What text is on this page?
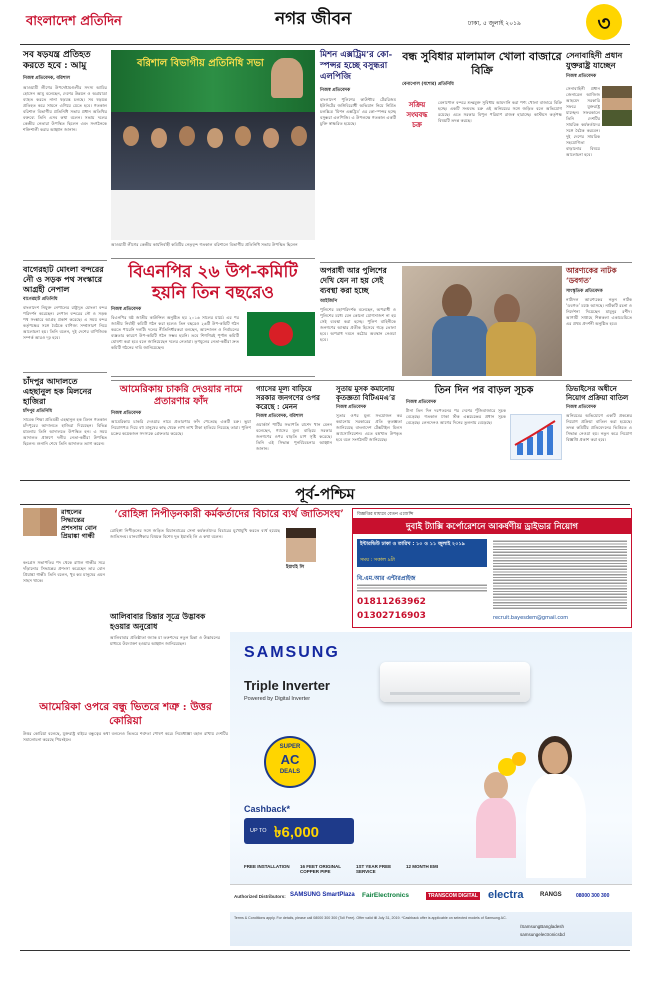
বাংলাদেশ প্রতিদিন	নগর জীবন	ঢাকা, ৫ জুলাই ২০১৯	৩
সব ষড়যন্ত্র প্রতিহত করতে হবে : আমু
নিজস্ব প্রতিবেদক, বরিশাল
আওয়ামী লীগের উপদেষ্টামণ্ডলীর সদস্য আমির হোসেন আমু বলেছেন, দেশের উন্নয়ন ও অগ্রযাত্রা ব্যাহত করতে নানা ষড়যন্ত্র চলছে। সব ষড়যন্ত্র প্রতিহত করে সামনে এগিয়ে যেতে হবে। গতকাল বরিশাল বিভাগীয় প্রতিনিধি সভায় প্রধান অতিথির বক্তব্যে তিনি এসব কথা বলেন। সভায় দলের কেন্দ্রীয় নেতারা উপস্থিত ছিলেন এবং সংগঠনকে শক্তিশালী করার আহ্বান জানান।
বরিশাল বিভাগীয় প্রতিনিধি সভা
আওয়ামী লীগের কেন্দ্রীয় কার্যনির্বাহী কমিটির নেতৃবৃন্দ গতকাল বরিশালে বিভাগীয় প্রতিনিধি সভায় উপস্থিত ছিলেন
মিশন এক্সট্রিম’র কো-স্পন্সর হচ্ছে বসুন্ধরা এলপিজি
নিজস্ব প্রতিবেদক
বাংলাদেশ পুলিশের কাউন্টার টেররিজম ইউনিটের জঙ্গিবিরোধী অভিযান নিয়ে নির্মিত চলচ্চিত্র ‘মিশন এক্সট্রিম’ এর কো-স্পন্সর হচ্ছে বসুন্ধরা এলপিজি। এ উপলক্ষে গতকাল একটি চুক্তি স্বাক্ষরিত হয়েছে।
বন্ধ সুবিধার মালামাল খোলা বাজারে বিক্রি
বেনাপোল (যশোর) প্রতিনিধি
সক্রিয় সংঘবদ্ধ চক্র
বেনাপোল বন্দরে শুল্কমুক্ত সুবিধায় আমদানি করা পণ্য খোলা বাজারে বিক্রি হচ্ছে। একটি সংঘবদ্ধ চক্র এই অনিয়মের সঙ্গে জড়িত বলে অভিযোগ রয়েছে। এতে সরকার বিপুল পরিমাণ রাজস্ব হারাচ্ছে। কাস্টমস কর্তৃপক্ষ বিষয়টি তদন্ত করছে।
সেনাবাহিনী প্রধান যুক্তরাষ্ট্র যাচ্ছেন
নিজস্ব প্রতিবেদক
সেনাবাহিনী প্রধান জেনারেল আজিজ আহমেদ সরকারি সফরে যুক্তরাষ্ট্র যাচ্ছেন। সফরকালে তিনি দেশটির সামরিক কর্মকর্তাদের সঙ্গে বৈঠক করবেন। দুই দেশের সামরিক সহযোগিতা বাড়ানোর বিষয়ে আলোচনা হবে।
বাগেরহাট মোংলা বন্দরের নৌ ও সড়ক পথ সংস্কারে আগ্রহী নেপাল
বাগেরহাট প্রতিনিধি
বাংলাদেশ নিযুক্ত নেপালের রাষ্ট্রদূত মোংলা বন্দর পরিদর্শন করেছেন। নেপাল বন্দরের নৌ ও সড়ক পথ সংস্কারে আগ্রহ প্রকাশ করেছে। এ সময় বন্দর কর্তৃপক্ষের সঙ্গে বৈঠকে বাণিজ্য সম্প্রসারণ নিয়ে আলোচনা হয়। তিনি বলেন, দুই দেশের বাণিজ্যিক সম্পর্ক আরও দৃঢ় হবে।
চাঁদপুর আদালতে এহছানুল হক মিলনের হাজিরা
চাঁদপুর প্রতিনিধি
সাবেক শিক্ষা প্রতিমন্ত্রী এহছানুল হক মিলন গতকাল চাঁদপুরের আদালতে হাজিরা দিয়েছেন। বিভিন্ন মামলায় তিনি আদালতে উপস্থিত হন। এ সময় আদালত প্রাঙ্গণে দলীয় নেতা-কর্মীরা উপস্থিত ছিলেন। শুনানি শেষে তিনি আদালত ত্যাগ করেন।
বিএনপির ২৬ উপ-কমিটি হয়নি তিন বছরেও
নিজস্ব প্রতিবেদক
বিএনপির ষষ্ঠ জাতীয় কাউন্সিল অনুষ্ঠিত হয় ২০১৬ সালের মার্চে। এর পর জাতীয় নির্বাহী কমিটি গঠন করা হলেও তিন বছরেও ২৬টি উপ-কমিটি গঠন করতে পারেনি দলটি। দলের নীতিনির্ধারকরা বলছেন, আন্দোলন ও নির্বাচনের ব্যস্ততার কারণে উপ-কমিটি গঠন সম্ভব হয়নি। তবে শিগগিরই পূর্ণাঙ্গ কমিটি ঘোষণা করা হবে বলে জানিয়েছেন দলের নেতারা। তৃণমূলের নেতা-কর্মীরা দ্রুত কমিটি গঠনের দাবি জানিয়েছেন।
অপরাধী আর পুলিশের দেখি যেন না হয় সেই ব্যবস্থা করা হচ্ছে
আইজিপি
পুলিশের মহাপরিদর্শক বলেছেন, অপরাধী ও পুলিশের মধ্যে যেন কোনো যোগসাজশ না হয় সেই ব্যবস্থা করা হচ্ছে। পুলিশ বাহিনীকে জনগণের আস্থার প্রতীক হিসেবে গড়ে তোলা হবে। অপরাধ দমনে কঠোর অবস্থান নেওয়া হবে।
আরণ্যকের নাটক ‘ডবগত’
সাংস্কৃতিক প্রতিবেদক
নাট্যদল আরণ্যকের নতুন নাটক ‘ডবগত’ মঞ্চে আসছে। নাটকটি রচনা ও নির্দেশনা দিয়েছেন মামুনুর রশীদ। আগামী সপ্তাহে শিল্পকলা একাডেমিতে এর প্রথম প্রদর্শনী অনুষ্ঠিত হবে।
আমেরিকায় চাকরি দেওয়ার নামে প্রতারণার ফাঁদ
নিজস্ব প্রতিবেদক
আমেরিকায় চাকরি দেওয়ার নামে প্রতারণার ফাঁদ পেতেছে একটি চক্র। ভুয়া নিয়োগপত্র দিয়ে বহু মানুষের কাছ থেকে লাখ লাখ টাকা হাতিয়ে নিয়েছে তারা। পুলিশ চক্রের কয়েকজন সদস্যকে গ্রেফতার করেছে।
গ্যাসের মূল্য বাড়িয়ে সরকার জনগণের ওপর করেছে : মেনন
নিজস্ব প্রতিবেদক, বরিশাল
ওয়ার্কার্স পার্টির সভাপতি রাশেদ খান মেনন বলেছেন, গ্যাসের মূল্য বাড়িয়ে সরকার জনগণের ওপর বাড়তি চাপ সৃষ্টি করেছে। তিনি এই সিদ্ধান্ত পুনর্বিবেচনার আহ্বান জানান।
সুতায় মুসক কমানোয় কৃতজ্ঞতা বিটিএমএ’র
নিজস্ব প্রতিবেদক
সুতার ওপর মূল্য সংযোজন কর কমানোয় সরকারের প্রতি কৃতজ্ঞতা জানিয়েছে বাংলাদেশ টেক্সটাইল মিলস অ্যাসোসিয়েশন। এতে বস্ত্রখাত উপকৃত হবে বলে সংগঠনটি জানিয়েছে।
তিন দিন পর বাড়ল সূচক
নিজস্ব প্রতিবেদক
টানা তিন দিন দরপতনের পর দেশের পুঁজিবাজারে সূচক বেড়েছে। গতকাল ঢাকা স্টক এক্সচেঞ্জের প্রধান সূচক বেড়েছে। লেনদেনও আগের দিনের তুলনায় বেড়েছে।
ডিভাইসের অধীনে নিয়োগ প্রক্রিয়া বাতিল
নিজস্ব প্রতিবেদক
অনিয়মের অভিযোগে একটি প্রকল্পের নিয়োগ প্রক্রিয়া বাতিল করা হয়েছে। তদন্ত কমিটির প্রতিবেদনের ভিত্তিতে এ সিদ্ধান্ত নেওয়া হয়। নতুন করে নিয়োগ বিজ্ঞপ্তি প্রকাশ করা হবে।
পূর্ব-পশ্চিম
রাহুলের সিদ্ধান্তের প্রশংসায় বোন প্রিয়াঙ্কা গান্ধী
কংগ্রেস সভাপতির পদ থেকে রাহুল গান্ধীর সরে দাঁড়ানোর সিদ্ধান্তের প্রশংসা করেছেন তার বোন প্রিয়াঙ্কা গান্ধী। তিনি বলেন, খুব কম মানুষের এমন সাহস থাকে।
‘রোহিঙ্গা নিপীড়নকারী কর্মকর্তাদের বিচারে ব্যর্থ জাতিসংঘ’
রোহিঙ্গা নিপীড়নের সঙ্গে জড়িত মিয়ানমারের সেনা কর্মকর্তাদের বিচারের মুখোমুখি করতে ব্যর্থ হয়েছে জাতিসংঘ। মানবাধিকার বিষয়ক বিশেষ দূত ইয়াংহি লি এ কথা বলেন।
ইয়াংহি লি
আলিবাবার চিন্তার সূত্রে উদ্ভাবক হওয়ার অনুরোধ
আলিবাবার প্রতিষ্ঠাতা জ্যাক মা তরুণদের নতুন চিন্তা ও উদ্ভাবনের মাধ্যমে উদ্যোক্তা হওয়ার আহ্বান জানিয়েছেন।
আমেরিকা ওপরে বন্ধু ভিতরে শত্রু : উত্তর কোরিয়া
উত্তর কোরিয়া বলেছে, যুক্তরাষ্ট্র বাইরে বন্ধুত্বের কথা বললেও ভিতরে শত্রুতা পোষণ করে। নিষেধাজ্ঞা বহাল রাখায় দেশটির সমালোচনা করেছে পিয়ংইয়ং।
বিজ্ঞপ্তির মাধ্যমে বেতন এজেন্সি
দুবাই ট্যাক্সি কর্পোরেশনে আকর্ষণীয় ড্রাইভার নিয়োগ
ইন্টারভিউ ঢাকা ও তারিখ : ১০ ও ১১ জুলাই ২০১৯
সময় : সকাল ৯টা
বি.এম.আর এন্টারপ্রাইজ
01811263962
01302716903	recruit.bayesdem@gmail.com
SAMSUNG
Triple Inverter
Powered by Digital Inverter
SUPER
AC
DEALS
Cashback*
UP TO ৳6,000
FREE INSTALLATION	16 FEET ORIGINAL COPPER PIPE
1ST YEAR FREE SERVICE
12 MONTH EMI
Authorized Distributors: SAMSUNG SmartPlaza FairElectronics	TRANSCOM DIGITAL electra	RANGS	08000 300 300
Terms & Conditions apply. For details, please call 08000 300 300 (Toll Free). Offer valid till July 31, 2019. *Cashback offer is applicable on selected models of Samsung AC.
/SamsungBangladesh
samsungelectronicsbd
